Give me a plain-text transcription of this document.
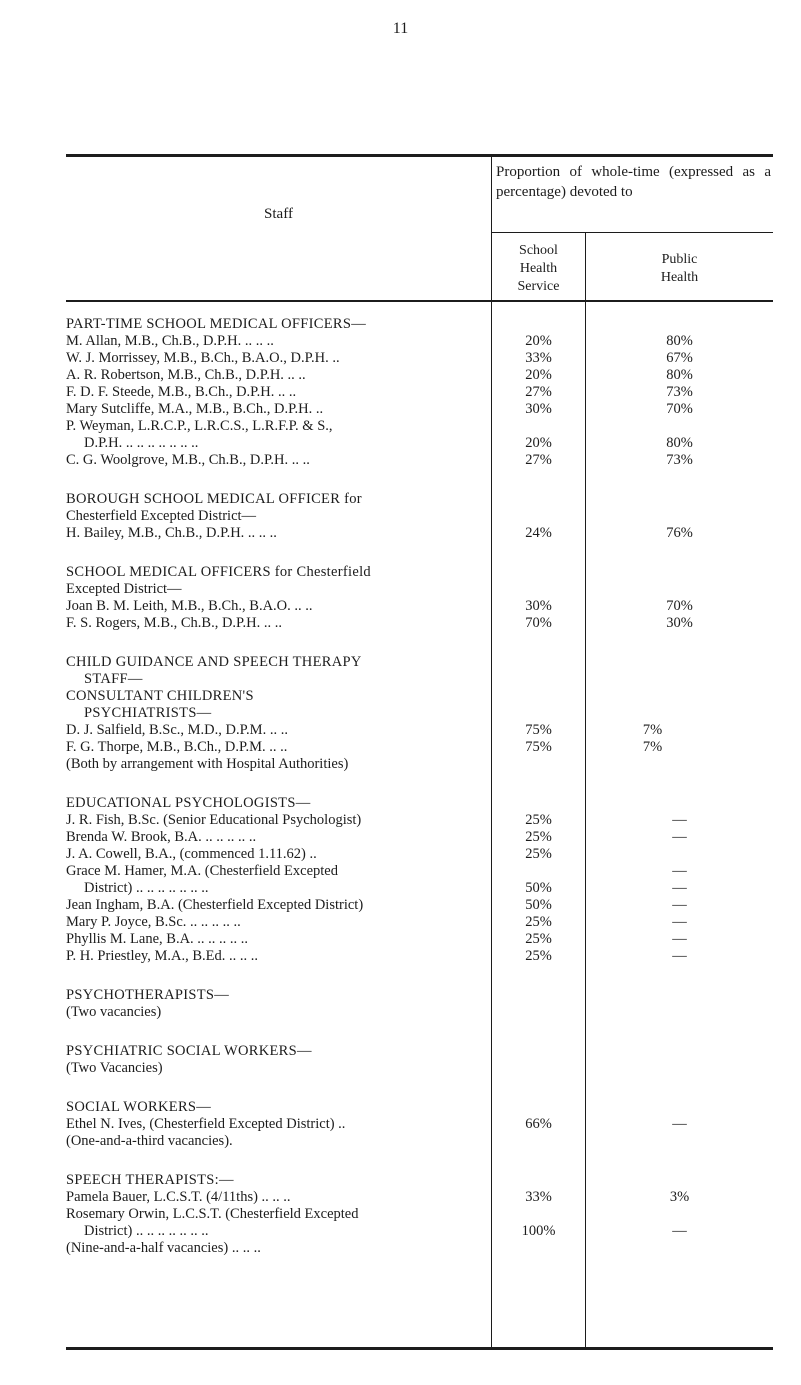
11
Staff
Proportion of whole-time (expressed as a percentage) devoted to
School
Health
Service
Public
Health
PART-TIME SCHOOL MEDICAL OFFICERS—
M. Allan, M.B., Ch.B., D.P.H. .. .. ..	20%	80%
W. J. Morrissey, M.B., B.Ch., B.A.O., D.P.H. ..	33%	67%
A. R. Robertson, M.B., Ch.B., D.P.H. .. ..	20%	80%
F. D. F. Steede, M.B., B.Ch., D.P.H. .. ..	27%	73%
Mary Sutcliffe, M.A., M.B., B.Ch., D.P.H. ..	30%	70%
P. Weyman, L.R.C.P., L.R.C.S., L.R.F.P. & S.,
D.P.H. .. .. .. .. .. .. ..	20%	80%
C. G. Woolgrove, M.B., Ch.B., D.P.H. .. ..	27%	73%
BOROUGH SCHOOL MEDICAL OFFICER for
Chesterfield Excepted District—
H. Bailey, M.B., Ch.B., D.P.H. .. .. ..	24%	76%
SCHOOL MEDICAL OFFICERS for Chesterfield
Excepted District—
Joan B. M. Leith, M.B., B.Ch., B.A.O. .. ..	30%	70%
F. S. Rogers, M.B., Ch.B., D.P.H. .. ..	70%	30%
CHILD GUIDANCE AND SPEECH THERAPY
STAFF—
CONSULTANT CHILDREN'S
PSYCHIATRISTS—
D. J. Salfield, B.Sc., M.D., D.P.M. .. ..	75%	7%
F. G. Thorpe, M.B., B.Ch., D.P.M. .. ..	75%	7%
(Both by arrangement with Hospital Authorities)
EDUCATIONAL PSYCHOLOGISTS—
J. R. Fish, B.Sc. (Senior Educational Psychologist)	25%	—
Brenda W. Brook, B.A. .. .. .. .. ..	25%	—
J. A. Cowell, B.A., (commenced 1.11.62) ..	25%
Grace M. Hamer, M.A. (Chesterfield Excepted	—
District) .. .. .. .. .. .. ..	50%	—
Jean Ingham, B.A. (Chesterfield Excepted District)	50%	—
Mary P. Joyce, B.Sc. .. .. .. .. ..	25%	—
Phyllis M. Lane, B.A. .. .. .. .. ..	25%	—
P. H. Priestley, M.A., B.Ed. .. .. ..	25%	—
PSYCHOTHERAPISTS—
(Two vacancies)
PSYCHIATRIC SOCIAL WORKERS—
(Two Vacancies)
SOCIAL WORKERS—
Ethel N. Ives, (Chesterfield Excepted District) ..	66%	—
(One-and-a-third vacancies).
SPEECH THERAPISTS:—
Pamela Bauer, L.C.S.T. (4/11ths) .. .. ..	33%	3%
Rosemary Orwin, L.C.S.T. (Chesterfield Excepted
District) .. .. .. .. .. .. ..	100%	—
(Nine-and-a-half vacancies) .. .. ..
